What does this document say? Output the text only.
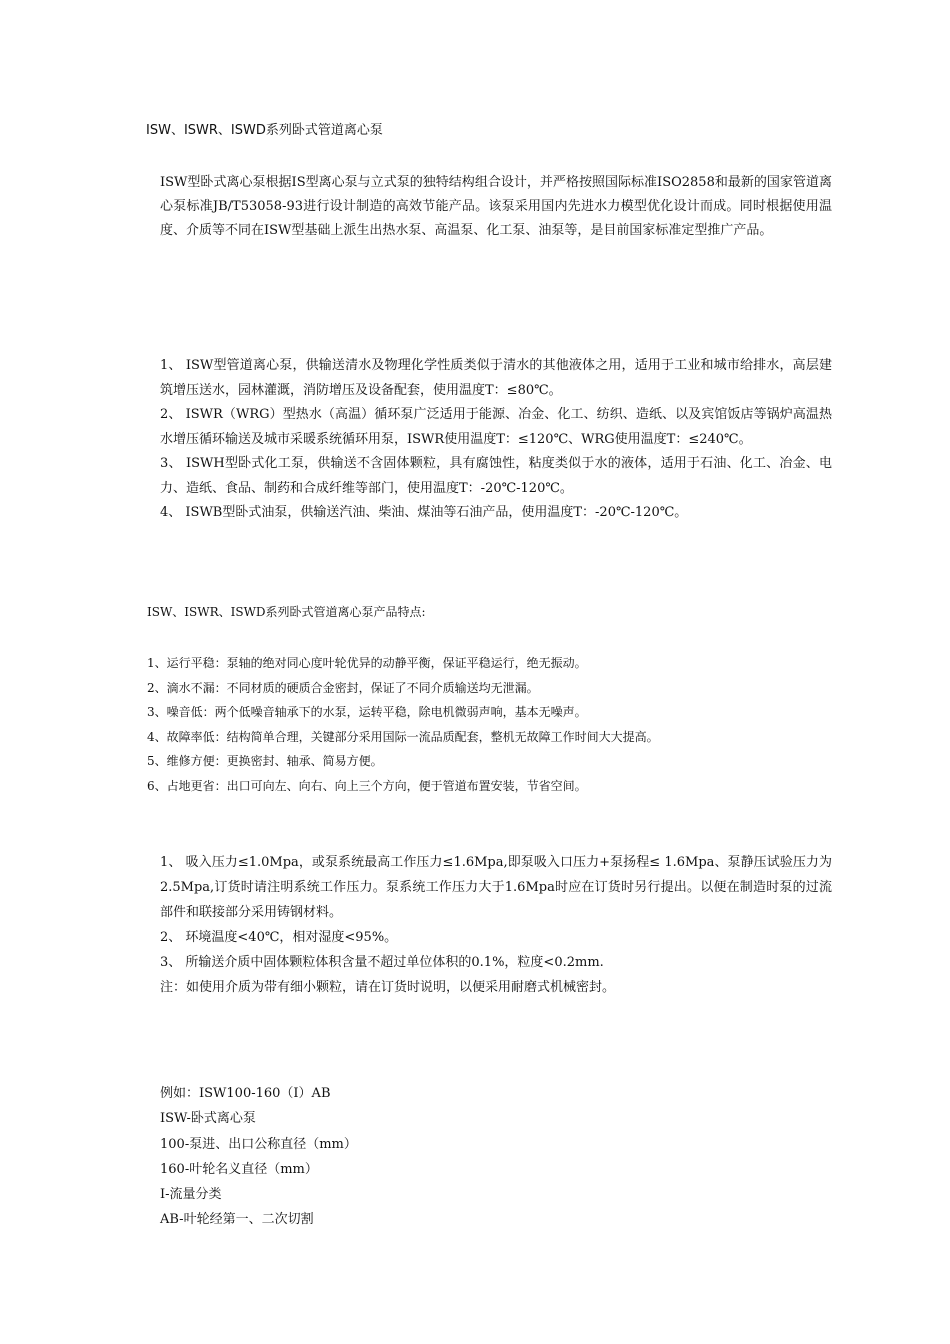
ISW、ISWR、ISWD系列卧式管道离心泵

ISW型卧式离心泵根据IS型离心泵与立式泵的独特结构组合设计，并严格按照国际标准ISO2858和最新的国家管道离心泵标准JB/T53058-93进行设计制造的高效节能产品。该泵采用国内先进水力模型优化设计而成。同时根据使用温度、介质等不同在ISW型基础上派生出热水泵、高温泵、化工泵、油泵等，是目前国家标准定型推广产品。

1、 ISW型管道离心泵，供输送清水及物理化学性质类似于清水的其他液体之用，适用于工业和城市给排水，高层建筑增压送水，园林灌溉，消防增压及设备配套，使用温度T：≤80℃。

2、 ISWR（WRG）型热水（高温）循环泵广泛适用于能源、冶金、化工、纺织、造纸、以及宾馆饭店等锅炉高温热水增压循环输送及城市采暖系统循环用泵，ISWR使用温度T：≤120℃、WRG使用温度T：≤240℃。

3、 ISWH型卧式化工泵，供输送不含固体颗粒，具有腐蚀性，粘度类似于水的液体，适用于石油、化工、冶金、电力、造纸、食品、制药和合成纤维等部门，使用温度T：-20℃-120℃。

4、 ISWB型卧式油泵，供输送汽油、柴油、煤油等石油产品，使用温度T：-20℃-120℃。

ISW、ISWR、ISWD系列卧式管道离心泵产品特点:

1、运行平稳：泵轴的绝对同心度叶轮优异的动静平衡，保证平稳运行，绝无振动。

2、滴水不漏：不同材质的硬质合金密封，保证了不同介质输送均无泄漏。

3、噪音低：两个低噪音轴承下的水泵，运转平稳，除电机微弱声响，基本无噪声。

4、故障率低：结构简单合理，关键部分采用国际一流品质配套，整机无故障工作时间大大提高。

5、维修方便：更换密封、轴承、简易方便。

6、占地更省：出口可向左、向右、向上三个方向，便于管道布置安装，节省空间。

1、 吸入压力≤1.0Mpa，或泵系统最高工作压力≤1.6Mpa,即泵吸入口压力+泵扬程≤ 1.6Mpa、泵静压试验压力为2.5Mpa,订货时请注明系统工作压力。泵系统工作压力大于1.6Mpa时应在订货时另行提出。以便在制造时泵的过流部件和联接部分采用铸钢材料。

2、 环境温度<40℃，相对湿度<95%。

3、 所输送介质中固体颗粒体积含量不超过单位体积的0.1%，粒度<0.2mm.

注：如使用介质为带有细小颗粒，请在订货时说明，以便采用耐磨式机械密封。

例如：ISW100-160（I）AB

ISW-卧式离心泵

100-泵进、出口公称直径（mm）

160-叶轮名义直径（mm）

I-流量分类

AB-叶轮经第一、二次切割
